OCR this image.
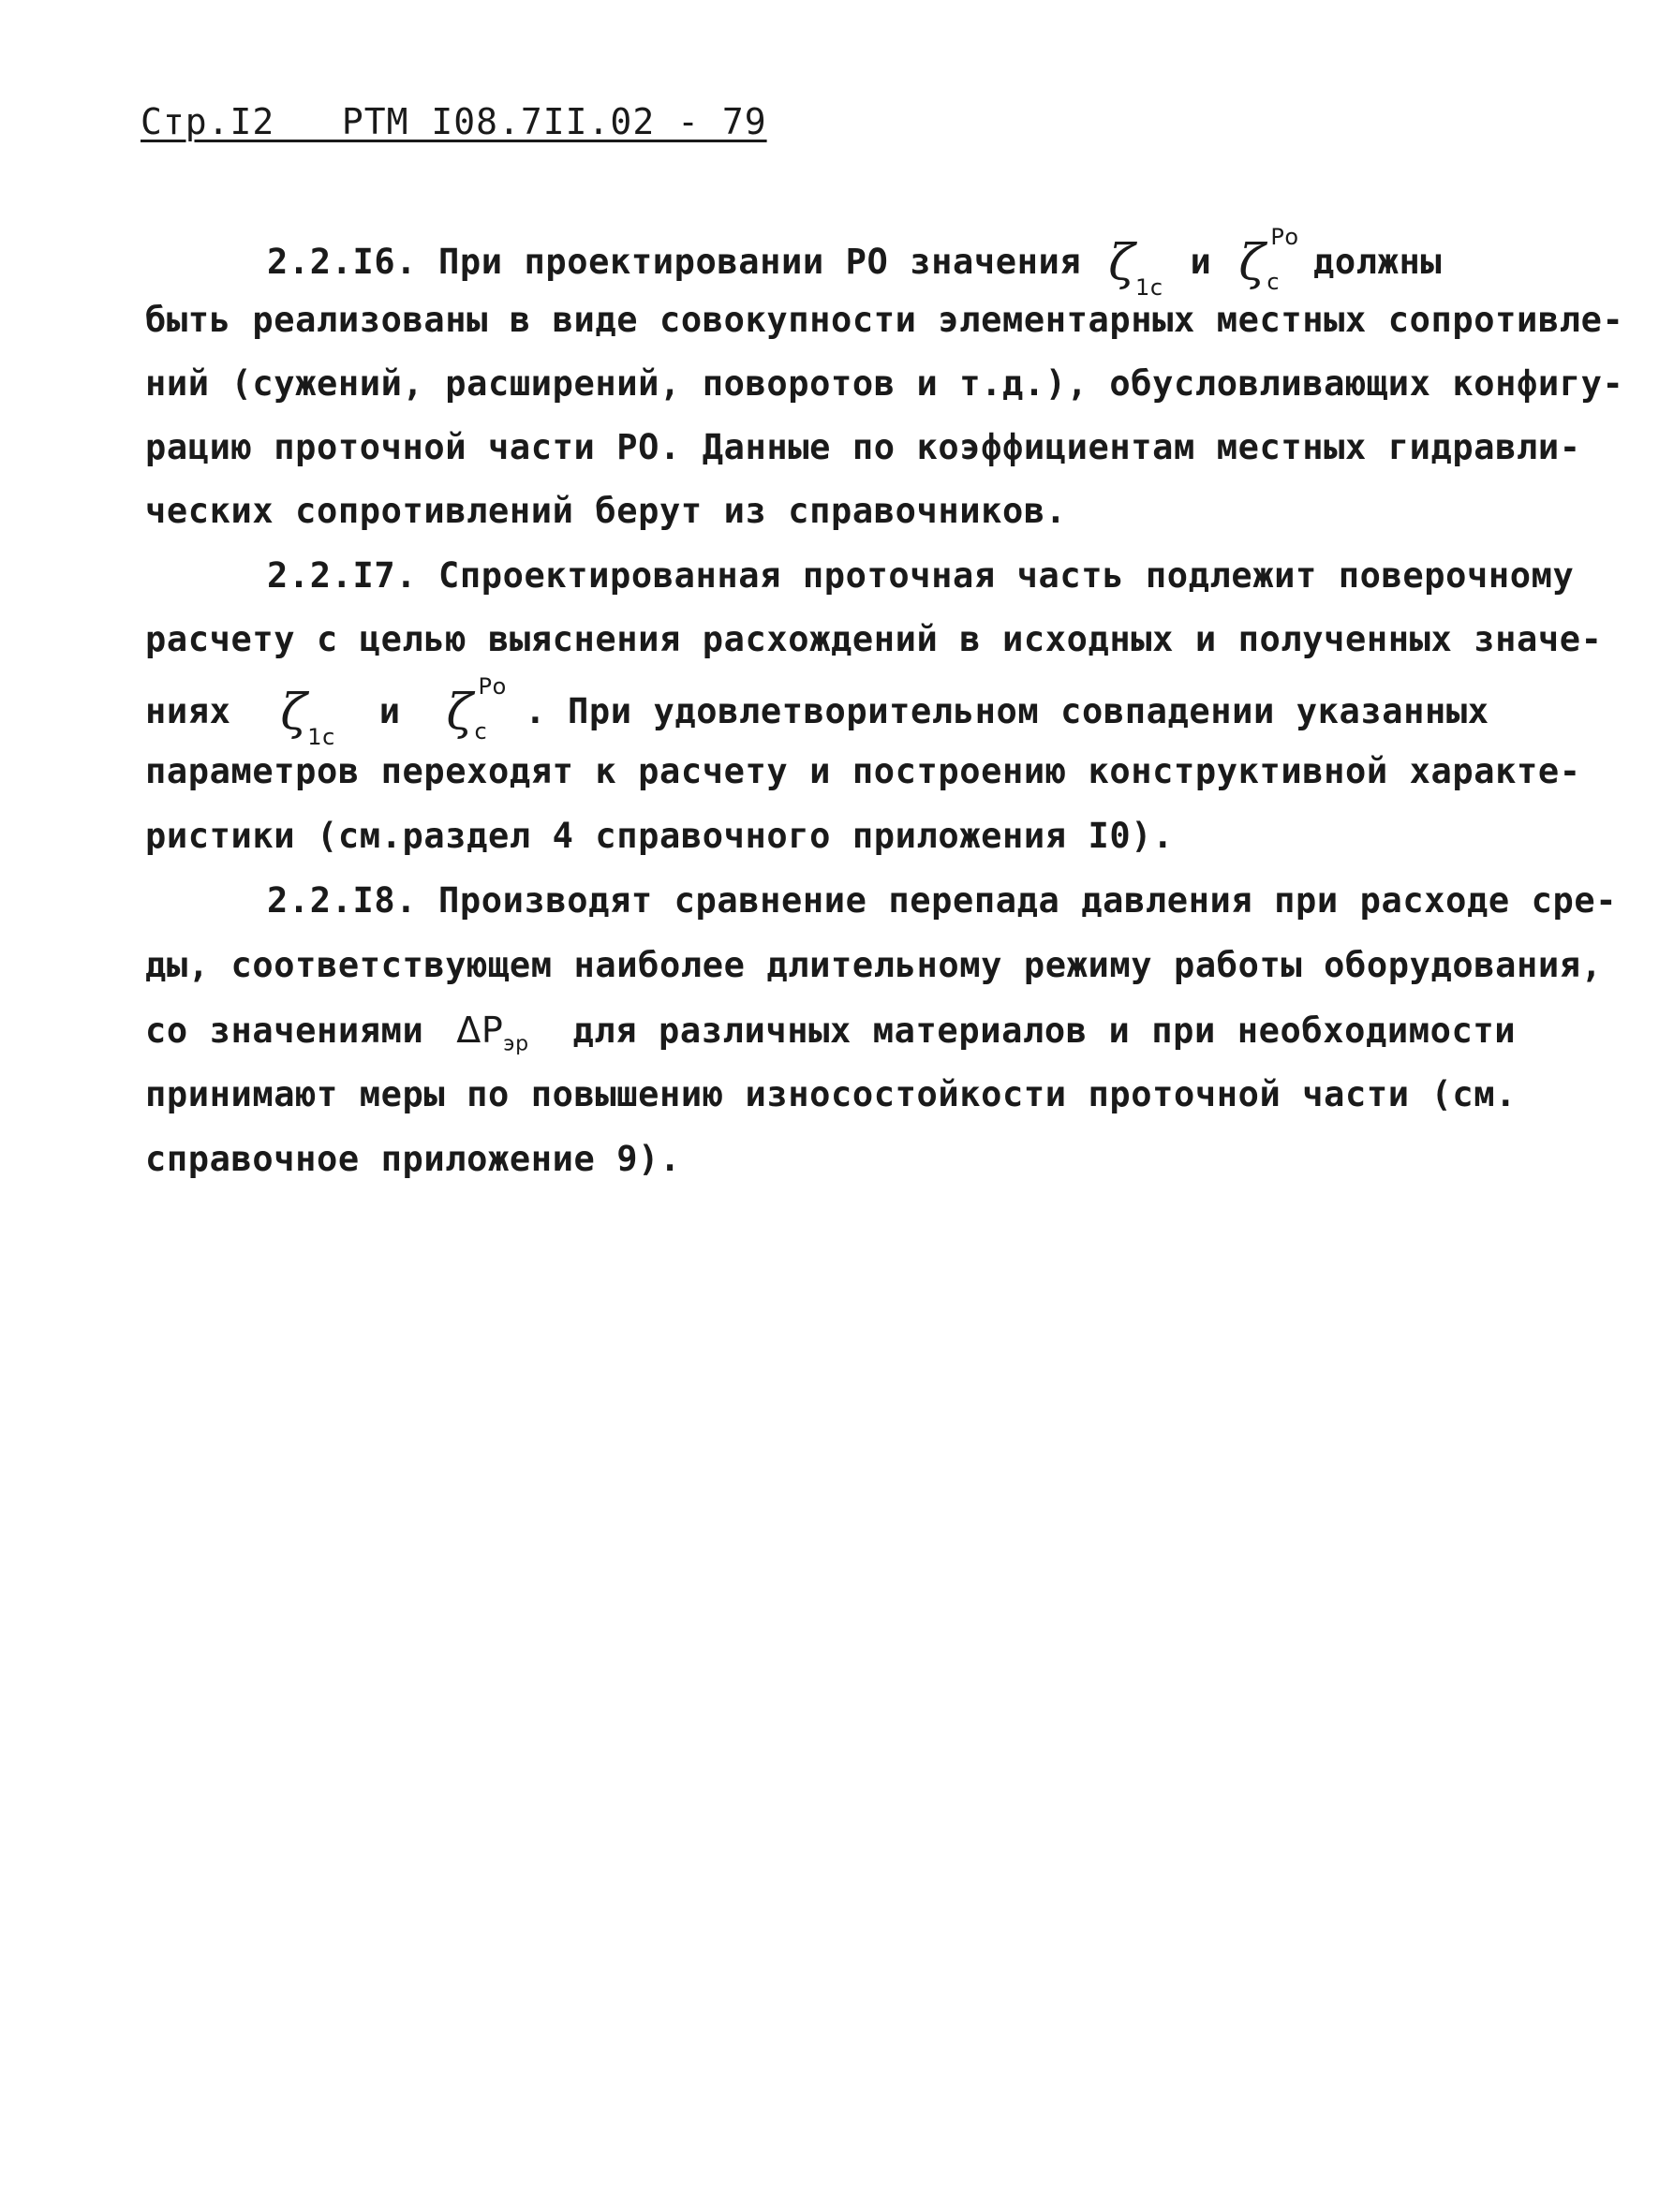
Стр.I2   РТМ I08.7II.02 - 79
2.2.I6. При проектировании РО значения $\zeta_{1c}$ и ζ Ро
c должны
быть реализованы в виде совокупности элементарных местных сопротивле-
ний (сужений, расширений, поворотов и т.д.), обусловливающих конфигу-
рацию проточной части РО. Данные по коэффициентам местных гидравли-
ческих сопротивлений берут из справочников.
2.2.I7. Спроектированная проточная часть подлежит поверочному
расчету с целью выяснения расхождений в исходных и полученных значе-
ниях $\zeta_{1c}$ и ζ Ро
c . При удовлетворительном совпадении указанных
параметров переходят к расчету и построению конструктивной характе-
ристики (см.раздел 4 справочного приложения I0).
2.2.I8. Производят сравнение перепада давления при расходе сре-
ды, соответствующем наиболее длительному режиму работы оборудования,
со значениями $\Delta P_{эр}$ для различных материалов и при необходимости
принимают меры по повышению износостойкости проточной части (см.
справочное приложение 9).
